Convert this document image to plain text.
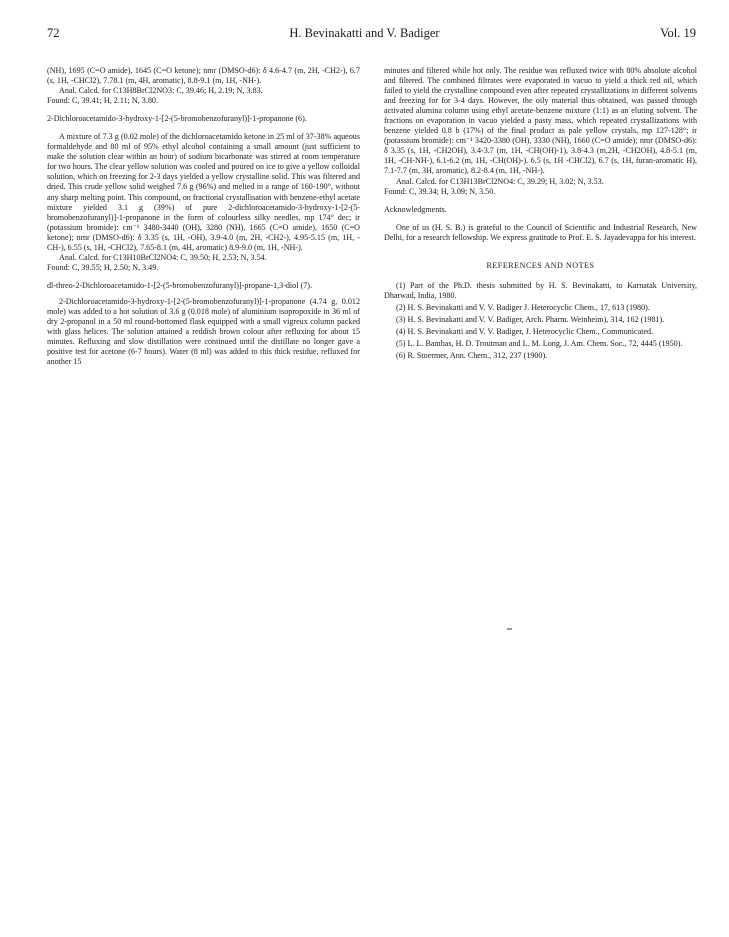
72	H. Bevinakatti and V. Badiger	Vol. 19

(NH), 1695 (C=O amide), 1645 (C=O ketone); nmr (DMSO-d6): δ 4.6-4.7 (m, 2H, -CH2-), 6.7 (s, 1H, -CHCl2), 7.78.1 (m, 4H, aromatic), 8.8-9.1 (m, 1H, -NH-).

Anal. Calcd. for C13H8BrCl2NO3: C, 39.46; H, 2.19; N, 3.83.

Found: C, 39.41; H, 2.11; N, 3.80.

2-Dichloroacetamido-3-hydroxy-1-[2-(5-bromobenzofuranyl)]-1-propanone (6).

A mixture of 7.3 g (0.02 mole) of the dichloroacetamido ketone in 25 ml of 37-38% aqueous formaldehyde and 80 ml of 95% ethyl alcohol containing a small amount (just sufficient to make the solution clear within an hour) of sodium bicarbonate was stirred at room temperature for two hours. The clear yellow solution was cooled and poured on ice to give a yellow colloidal solution, which on freezing for 2-3 days yielded a yellow crystalline solid. This was filtered and dried. This crude yellow solid weighed 7.6 g (96%) and melted in a range of 160-190°, without any sharp melting point. This compound, on fractional crystallisation with benzene-ethyl acetate mixture yielded 3.1 g (39%) of pure 2-dichloroacetamido-3-hydroxy-1-[2-(5-bromobenzofuranyl)]-1-propanone in the form of colourless silky needles, mp 174° dec; ir (potassium bromide): cm⁻¹ 3480-3440 (OH), 3280 (NH), 1665 (C=O amide), 1650 (C=O ketone); nmr (DMSO-d6): δ 3.35 (s, 1H, -OH), 3.9-4.0 (m, 2H, -CH2-), 4.95-5.15 (m, 1H, -CH-), 6.55 (s, 1H, -CHCl2), 7.65-8.1 (m, 4H, aromatic) 8.9-9.0 (m, 1H, -NH-).

Anal. Calcd. for C13H10BrCl2NO4: C, 39.50; H, 2.53; N, 3.54.

Found: C, 39.55; H, 2.50; N, 3.49.

dl-threo-2-Dichloroacetamido-1-[2-(5-bromobenzofuranyl)]-propane-1,3-diol (7).

2-Dichloroacetamido-3-hydroxy-1-[2-(5-bromobenzofuranyl)]-1-propanone (4.74 g, 0.012 mole) was added to a hot solution of 3.6 g (0.018 mole) of aluminium isopropoxide in 36 ml of dry 2-propanol in a 50 ml round-bottomed flask equipped with a small vigreux column packed with glass helices. The solution attained a reddish brown colour after refluxing for about 15 minutes. Refluxing and slow distillation were continued until the distillate no longer gave a positive test for acetone (6-7 hours). Water (8 ml) was added to this thick residue, refluxed for another 15

minutes and filtered while hot only. The residue was refluxed twice with 80% absolute alcohol and filtered. The combined filtrates were evaporated in vacuo to yield a thick red oil, which failed to yield the crystalline compound even after repeated crystallizations in different solvents and freezing for for 3-4 days. However, the oily material thus obtained, was passed through activated alumina column using ethyl acetate-benzene mixture (1:1) as an eluting solvent. The fractions on evaporation in vacuo yielded a pasty mass, which repeated crystallizations with benzene yielded 0.8 b (17%) of the final product as pale yellow crystals, mp 127-128°; ir (potassium bromide): cm⁻¹ 3420-3380 (OH), 3330 (NH), 1660 (C=O amide); nmr (DMSO-d6): δ 3.35 (s, 1H, -CH2OH), 3.4-3.7 (m, 1H, -CH(OH)-1), 3.8-4.3 (m,2H, -CH2OH), 4.8-5.1 (m, 1H, -CH-NH-), 6.1-6.2 (m, 1H, -CH(OH)-). 6.5 (s, 1H -CHCl2), 6.7 (s, 1H, furan-aromatic H), 7.1-7.7 (m, 3H, aromatic), 8.2-8.4 (m, 1H, -NH-).

Anal. Calcd. for C13H13BrCl2NO4: C, 39.29; H, 3.02; N, 3.53.

Found: C, 39.34; H, 3.09; N, 3.50.

Acknowledgments.

One of us (H. S. B.) is grateful to the Council of Scientific and Industrial Research, New Delhi, for a research fellowship. We express gratitude to Prof. E. S. Jayadevappa for his interest.

REFERENCES AND NOTES

(1) Part of the Ph.D. thesis submitted by H. S. Bevinakatti, to Karnatak University, Dharwad, India, 1980.

(2) H. S. Bevinakatti and V. V. Badiger J. Heterocyclic Chem., 17, 613 (1980).

(3) H. S. Bevinakatti and V. V. Badiger, Arch. Pharm. Weinheim), 314, 162 (1981).

(4) H. S. Bevinakatti and V. V. Badiger, J. Heterocyclic Chem., Communicated.

(5) L. L. Bambas, H. D. Troutman and L. M. Long, J. Am. Chem. Soc., 72, 4445 (1950).

(6) R. Stoermer, Ann. Chem., 312, 237 (1900).
